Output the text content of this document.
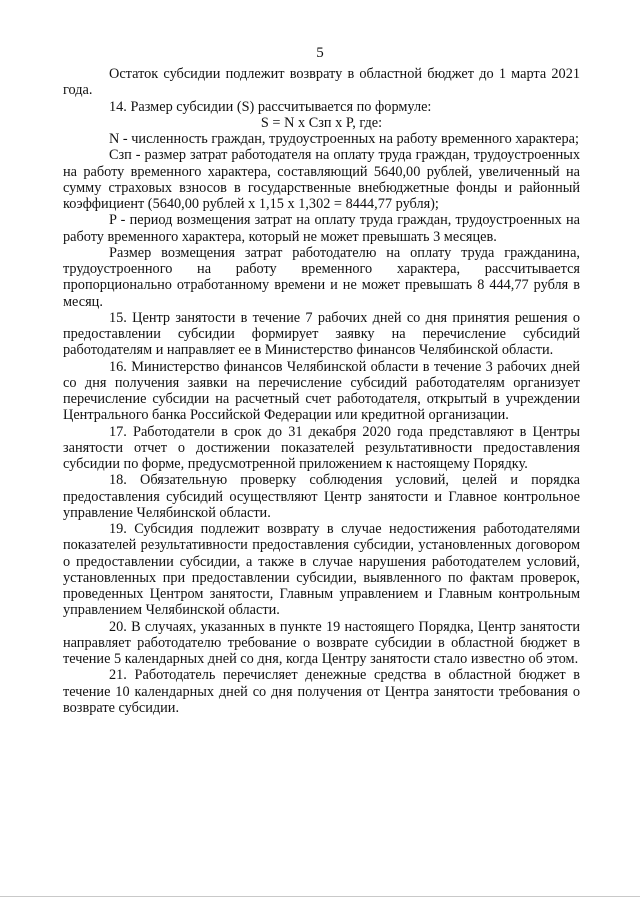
5

Остаток субсидии подлежит возврату в областной бюджет до 1 марта 2021 года.

14. Размер субсидии (S) рассчитывается по формуле:

S = N x Сзп x P, где:

N - численность граждан, трудоустроенных на работу временного характера;

Сзп - размер затрат работодателя на оплату труда граждан, трудоустроенных на работу временного характера, составляющий 5640,00 рублей, увеличенный на сумму страховых взносов в государственные внебюджетные фонды и районный коэффициент (5640,00 рублей х 1,15 х 1,302 = 8444,77 рубля);

P - период возмещения затрат на оплату труда граждан, трудоустроенных на работу временного характера, который не может превышать 3 месяцев.

Размер возмещения затрат работодателю на оплату труда гражданина, трудоустроенного на работу временного характера, рассчитывается пропорционально отработанному времени и не может превышать 8 444,77 рубля в месяц.

15. Центр занятости в течение 7 рабочих дней со дня принятия решения о предоставлении субсидии формирует заявку на перечисление субсидий работодателям и направляет ее в Министерство финансов Челябинской области.

16. Министерство финансов Челябинской области в течение 3 рабочих дней со дня получения заявки на перечисление субсидий работодателям организует перечисление субсидии на расчетный счет работодателя, открытый в учреждении Центрального банка Российской Федерации или кредитной организации.

17. Работодатели в срок до 31 декабря 2020 года представляют в Центры занятости отчет о достижении показателей результативности предоставления субсидии по форме, предусмотренной приложением к настоящему Порядку.

18. Обязательную проверку соблюдения условий, целей и порядка предоставления субсидий осуществляют Центр занятости и Главное контрольное управление Челябинской области.

19. Субсидия подлежит возврату в случае недостижения работодателями показателей результативности предоставления субсидии, установленных договором о предоставлении субсидии, а также в случае нарушения работодателем условий, установленных при предоставлении субсидии, выявленного по фактам проверок, проведенных Центром занятости, Главным управлением и Главным контрольным управлением Челябинской области.

20. В случаях, указанных в пункте 19 настоящего Порядка, Центр занятости направляет работодателю требование о возврате субсидии в областной бюджет в течение 5 календарных дней со дня, когда Центру занятости стало известно об этом.

21. Работодатель перечисляет денежные средства в областной бюджет в течение 10 календарных дней со дня получения от Центра занятости требования о возврате субсидии.
